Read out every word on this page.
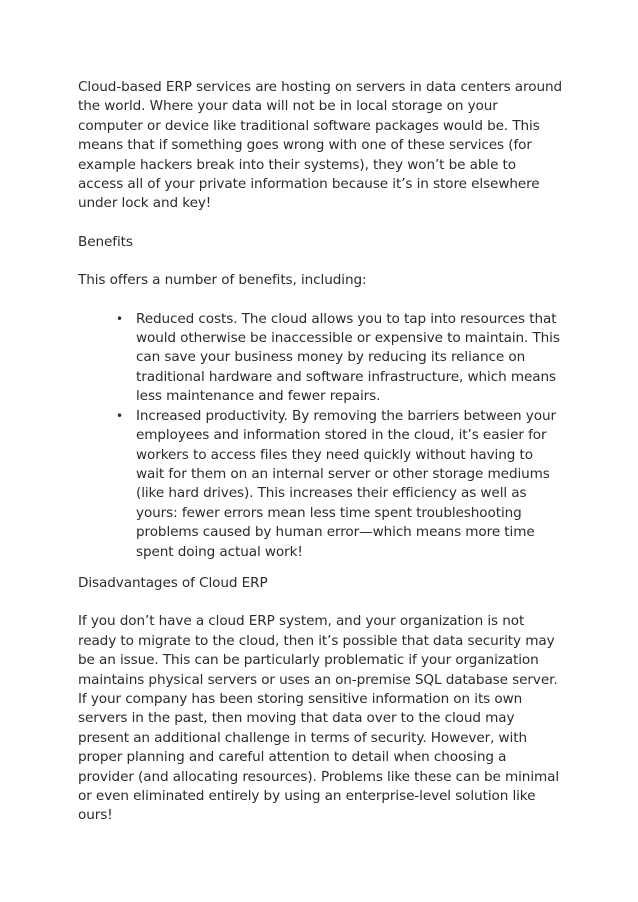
Cloud-based ERP services are hosting on servers in data centers around the world. Where your data will not be in local storage on your computer or device like traditional software packages would be. This means that if something goes wrong with one of these services (for example hackers break into their systems), they won’t be able to access all of your private information because it’s in store elsewhere under lock and key!

Benefits

This offers a number of benefits, including:

• Reduced costs. The cloud allows you to tap into resources that would otherwise be inaccessible or expensive to maintain. This can save your business money by reducing its reliance on traditional hardware and software infrastructure, which means less maintenance and fewer repairs.
• Increased productivity. By removing the barriers between your employees and information stored in the cloud, it’s easier for workers to access files they need quickly without having to wait for them on an internal server or other storage mediums (like hard drives). This increases their efficiency as well as yours: fewer errors mean less time spent troubleshooting problems caused by human error—which means more time spent doing actual work!

Disadvantages of Cloud ERP

If you don’t have a cloud ERP system, and your organization is not ready to migrate to the cloud, then it’s possible that data security may be an issue. This can be particularly problematic if your organization maintains physical servers or uses an on-premise SQL database server. If your company has been storing sensitive information on its own servers in the past, then moving that data over to the cloud may present an additional challenge in terms of security. However, with proper planning and careful attention to detail when choosing a provider (and allocating resources). Problems like these can be minimal or even eliminated entirely by using an enterprise-level solution like ours!
